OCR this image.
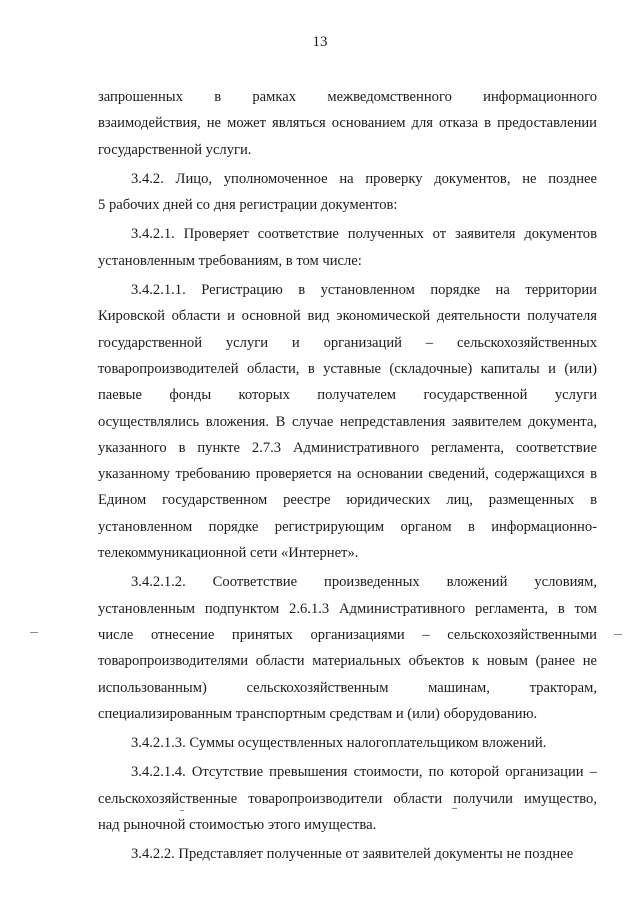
13

запрошенных в рамках межведомственного информационного
взаимодействия, не может являться основанием для отказа в предоставлении
государственной услуги.

3.4.2. Лицо, уполномоченное на проверку документов, не позднее
5 рабочих дней со дня регистрации документов:

3.4.2.1. Проверяет соответствие полученных от заявителя документов
установленным требованиям, в том числе:

3.4.2.1.1. Регистрацию в установленном порядке на территории
Кировской области и основной вид экономической деятельности получателя
государственной услуги и организаций – сельскохозяйственных
товаропроизводителей области, в уставные (складочные) капиталы и (или)
паевые фонды которых получателем государственной услуги
осуществлялись вложения. В случае непредставления заявителем документа,
указанного в пункте 2.7.3 Административного регламента, соответствие
указанному требованию проверяется на основании сведений, содержащихся в
Едином государственном реестре юридических лиц, размещенных в
установленном порядке регистрирующим органом в информационно-
телекоммуникационной сети «Интернет».

3.4.2.1.2. Соответствие произведенных вложений условиям,
установленным подпунктом 2.6.1.3 Административного регламента, в том
числе отнесение принятых организациями – сельскохозяйственными
товаропроизводителями области материальных объектов к новым (ранее не
использованным) сельскохозяйственным машинам, тракторам,
специализированным транспортным средствам и (или) оборудованию.

3.4.2.1.3. Суммы осуществленных налогоплательщиком вложений.

3.4.2.1.4. Отсутствие превышения стоимости, по которой организации –
сельскохозяйственные товаропроизводители области получили имущество,
над рыночной стоимостью этого имущества.

3.4.2.2. Представляет полученные от заявителей документы не позднее
